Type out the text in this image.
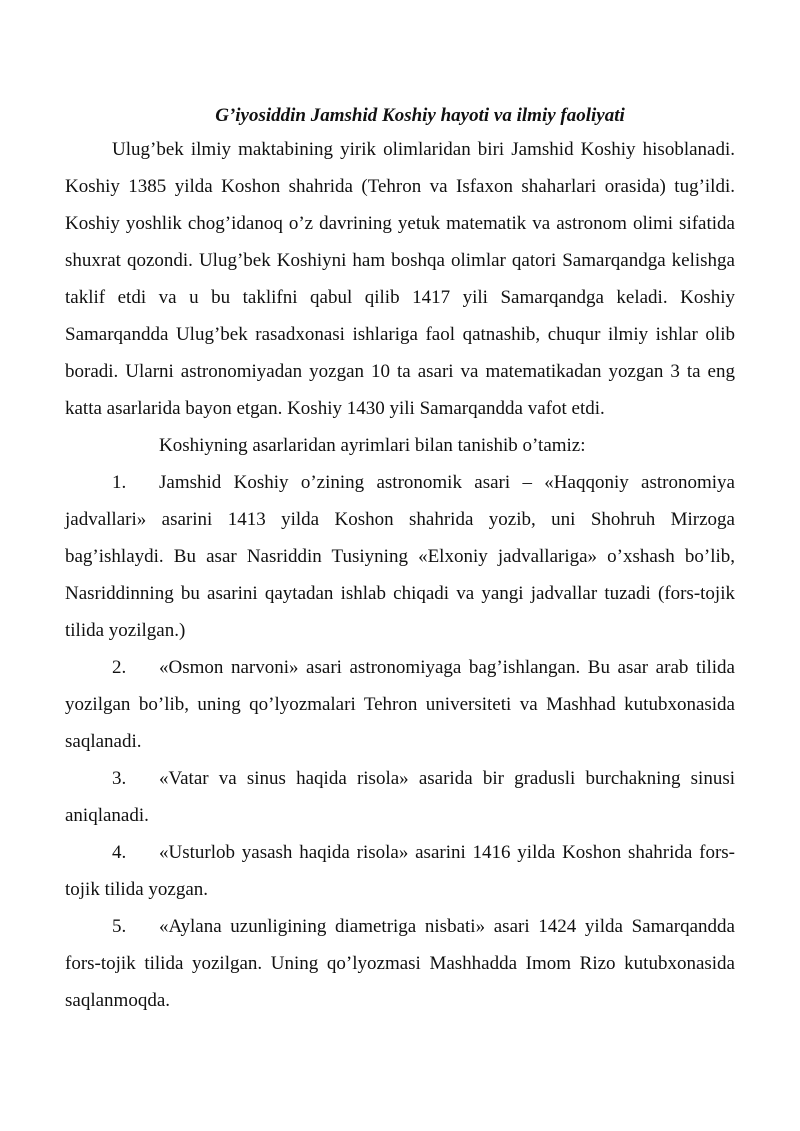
G’iyosiddin Jamshid Koshiy hayoti va ilmiy faoliyati

Ulug’bek ilmiy maktabining yirik olimlaridan biri Jamshid Koshiy hisoblanadi. Koshiy 1385 yilda Koshon shahrida (Tehron va Isfaxon shaharlari orasida) tug’ildi. Koshiy yoshlik chog’idanoq o’z davrining yetuk matematik va astronom olimi sifatida shuxrat qozondi. Ulug’bek Koshiyni ham boshqa olimlar qatori Samarqandga kelishga taklif etdi va u bu taklifni qabul qilib 1417 yili Samarqandga keladi. Koshiy Samarqandda Ulug’bek rasadxonasi ishlariga faol qatnashib, chuqur ilmiy ishlar olib boradi. Ularni astronomiyadan yozgan 10 ta asari va matematikadan yozgan 3 ta eng katta asarlarida bayon etgan. Koshiy 1430 yili Samarqandda vafot etdi.

Koshiyning asarlaridan ayrimlari bilan tanishib o’tamiz:

1. Jamshid Koshiy o’zining astronomik asari – «Haqqoniy astronomiya jadvallari» asarini 1413 yilda Koshon shahrida yozib, uni Shohruh Mirzoga bag’ishlaydi. Bu asar Nasriddin Tusiyning «Elxoniy jadvallariga» o’xshash bo’lib, Nasriddinning bu asarini qaytadan ishlab chiqadi va yangi jadvallar tuzadi (fors-tojik tilida yozilgan.)
2. «Osmon narvoni» asari astronomiyaga bag’ishlangan. Bu asar arab tilida yozilgan bo’lib, uning qo’lyozmalari Tehron universiteti va Mashhad kutubxonasida saqlanadi.
3. «Vatar va sinus haqida risola» asarida bir gradusli burchakning sinusi aniqlanadi.
4. «Usturlob yasash haqida risola» asarini 1416 yilda Koshon shahrida fors-tojik tilida yozgan.
5. «Aylana uzunligining diametriga nisbati» asari 1424 yilda Samarqandda fors-tojik tilida yozilgan. Uning qo’lyozmasi Mashhadda Imom Rizo kutubxonasida saqlanmoqda.
